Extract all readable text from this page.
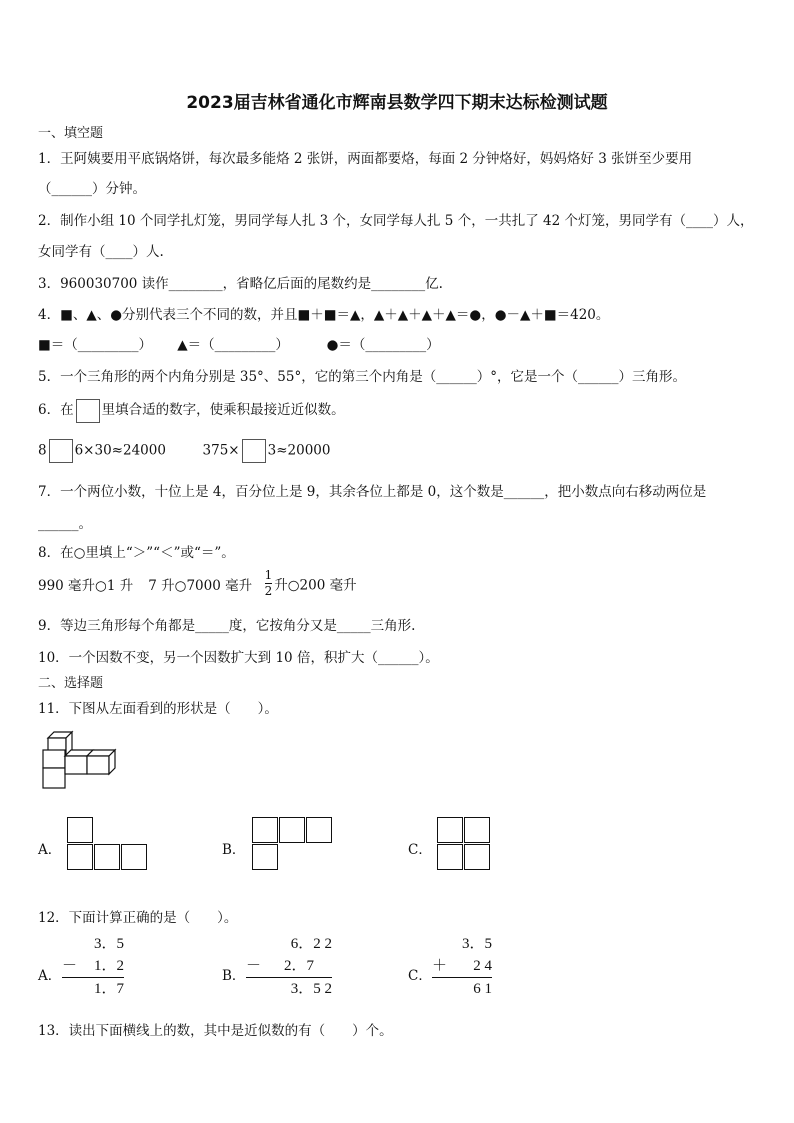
2023届吉林省通化市辉南县数学四下期末达标检测试题
一、填空题
1．王阿姨要用平底锅烙饼，每次最多能烙 2 张饼，两面都要烙，每面 2 分钟烙好，妈妈烙好 3 张饼至少要用
（______）分钟。
2．制作小组 10 个同学扎灯笼，男同学每人扎 3 个，女同学每人扎 5 个，一共扎了 42 个灯笼，男同学有（____）人，
女同学有（____）人.
3．960030700 读作________，省略亿后面的尾数约是________亿.
4．■、▲、●分别代表三个不同的数，并且■＋■＝▲，▲＋▲＋▲＋▲＝●，●－▲＋■＝420。
■＝（_________） ▲＝（_________）	●＝（_________）
5．一个三角形的两个内角分别是 35°、55°，它的第三个内角是（______）°，它是一个（______）三角形。
6．在 里填合适的数字，使乘积最接近近似数。
8 6×30≈24000	375× 3≈20000
7．一个两位小数，十位上是 4，百分位上是 9，其余各位上都是 0，这个数是______，把小数点向右移动两位是
______。
8．在○里填上“＞”“＜”或“＝”。
990 毫升○1 升 7 升○7000 毫升 $\frac{1}{2}$ 升○200 毫升
9．等边三角形每个角都是_____度，它按角分又是_____三角形.
10．一个因数不变，另一个因数扩大到 10 倍，积扩大（______）。
二、选择题
11．下图从左面看到的形状是（　　）。
A．	B．	C．
12．下面计算正确的是（　　）。
A．
3．5
－ 1．2
1．7
B．
6．2 2
－ 2．7
3．5 2
C．
3．5
＋ 2 4
6 1
13．读出下面横线上的数，其中是近似数的有（　　）个。
